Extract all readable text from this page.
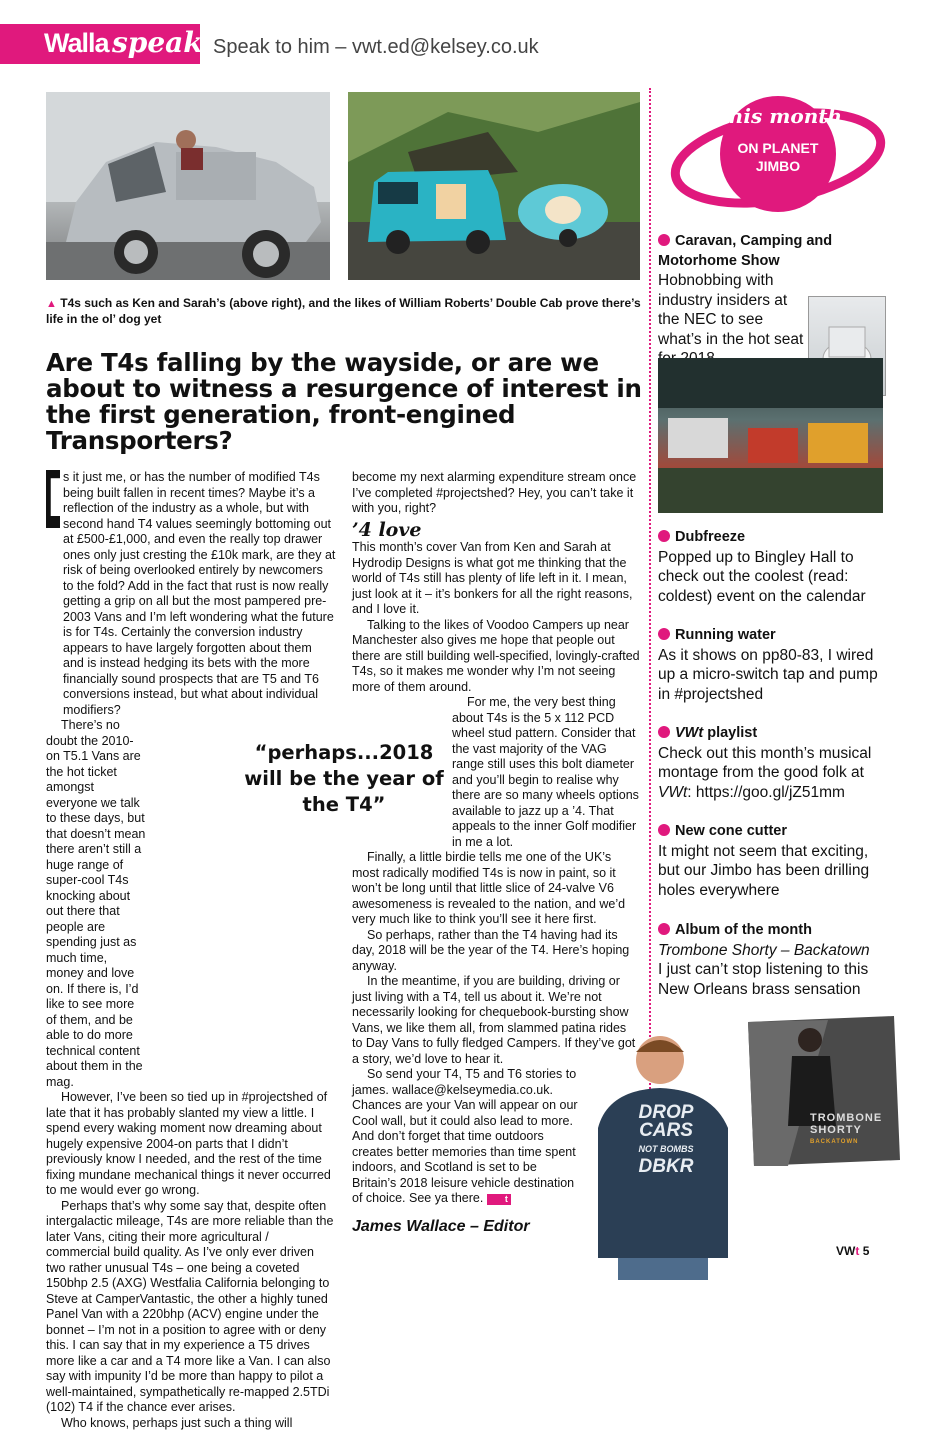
Walla speaks
Speak to him – vwt.ed@kelsey.co.uk
▲ T4s such as Ken and Sarah’s (above right), and the likes of William Roberts’ Double Cab prove there’s life in the ol’ dog yet
Are T4s falling by the wayside, or are we about to witness a resurgence of interest in the first generation, front-engined Transporters?
I

s it just me, or has the number of modified T4s being built fallen in recent times? Maybe it’s a reflection of the industry as a whole, but with second hand T4 values seemingly bottoming out at £500-£1,000, and even the really top drawer ones only just cresting the £10k mark, are they at risk of being overlooked entirely by newcomers to the fold? Add in the fact that rust is now really getting a grip on all but the most pampered pre-2003 Vans and I’m left wondering what the future is for T4s. Certainly the conversion industry appears to have largely forgotten about them and is instead hedging its bets with the more financially sound prospects that are T5 and T6 conversions instead, but what about individual modifiers?

There’s no doubt the 2010-on T5.1 Vans are the hot ticket amongst everyone we talk to these days, but that doesn’t mean there aren’t still a huge range of super-cool T4s knocking about out there that people are spending just as much time, money and love on. If there is, I’d like to see more of them, and be able to do more technical content about them in the mag.

However, I’ve been so tied up in #projectshed of late that it has probably slanted my view a little. I spend every waking moment now dreaming about hugely expensive 2004-on parts that I didn’t previously know I needed, and the rest of the time fixing mundane mechanical things it never occurred to me would ever go wrong.

Perhaps that’s why some say that, despite often intergalactic mileage, T4s are more reliable than the later Vans, citing their more agricultural / commercial build quality. As I’ve only ever driven two rather unusual T4s – one being a coveted 150bhp 2.5 (AXG) Westfalia California belonging to Steve at CamperVantastic, the other a highly tuned Panel Van with a 220bhp (ACV) engine under the bonnet – I’m not in a position to agree with or deny this. I can say that in my experience a T5 drives more like a car and a T4 more like a Van. I can also say with impunity I’d be more than happy to pilot a well-maintained, sympathetically re-mapped 2.5TDi (102) T4 if the chance ever arises.

Who knows, perhaps just such a thing will

become my next alarming expenditure stream once I’ve completed #projectshed? Hey, you can’t take it with you, right?

’4 love

This month’s cover Van from Ken and Sarah at Hydrodip Designs is what got me thinking that the world of T4s still has plenty of life left in it. I mean, just look at it – it’s bonkers for all the right reasons, and I love it.

Talking to the likes of Voodoo Campers up near Manchester also gives me hope that people out there are still building well-specified, lovingly-crafted T4s, so it makes me wonder why I’m not seeing more of them around.

For me, the very best thing about T4s is the 5 x 112 PCD wheel stud pattern. Consider that the vast majority of the VAG range still uses this bolt diameter and you’ll begin to realise why there are so many wheels options available to jazz up a ’4. That appeals to the inner Golf modifier in me a lot.

Finally, a little birdie tells me one of the UK’s most radically modified T4s is now in paint, so it won’t be long until that little slice of 24-valve V6 awesomeness is revealed to the nation, and we’d very much like to think you’ll see it here first.

So perhaps, rather than the T4 having had its day, 2018 will be the year of the T4. Here’s hoping anyway.

In the meantime, if you are building, driving or just living with a T4, tell us about it. We’re not necessarily looking for chequebook-bursting show Vans, we like them all, from slammed patina rides to Day Vans to fully fledged Campers. If they’ve got a story, we’d love to hear it.

So send your T4, T5 and T6 stories to james. wallace@kelseymedia.co.uk. Chances are your Van will appear on our Cool wall, but it could also lead to more. And don’t forget that time outdoors creates better memories than time spent indoors, and Scotland is set to be Britain’s 2018 leisure vehicle destination of choice. See ya there. t

“perhaps...2018 will be the year of the T4”
James Wallace – Editor
This month
ON PLANET
JIMBO
Caravan, Camping and Motorhome Show
Hobnobbing with industry insiders at the NEC to see what’s in the hot seat
Dubfreeze
Popped up to Bingley Hall to check out the coolest (read: coldest) event on the calendar
Running water
As it shows on pp80-83, I wired up a micro-switch tap and pump in #projectshed
VWt playlist
Check out this month’s musical montage from the good folk at VWt: https://goo.gl/jZ51mm
New cone cutter
It might not seem that exciting, but our Jimbo has been drilling holes everywhere
Album of the month
Trombone Shorty – Backatown
I just can’t stop listening to this New Orleans brass sensation
DROP
CARS
NOT BOMBS
DBKR
TROMBONE
SHORTY
BACKATOWN
VWt 5
